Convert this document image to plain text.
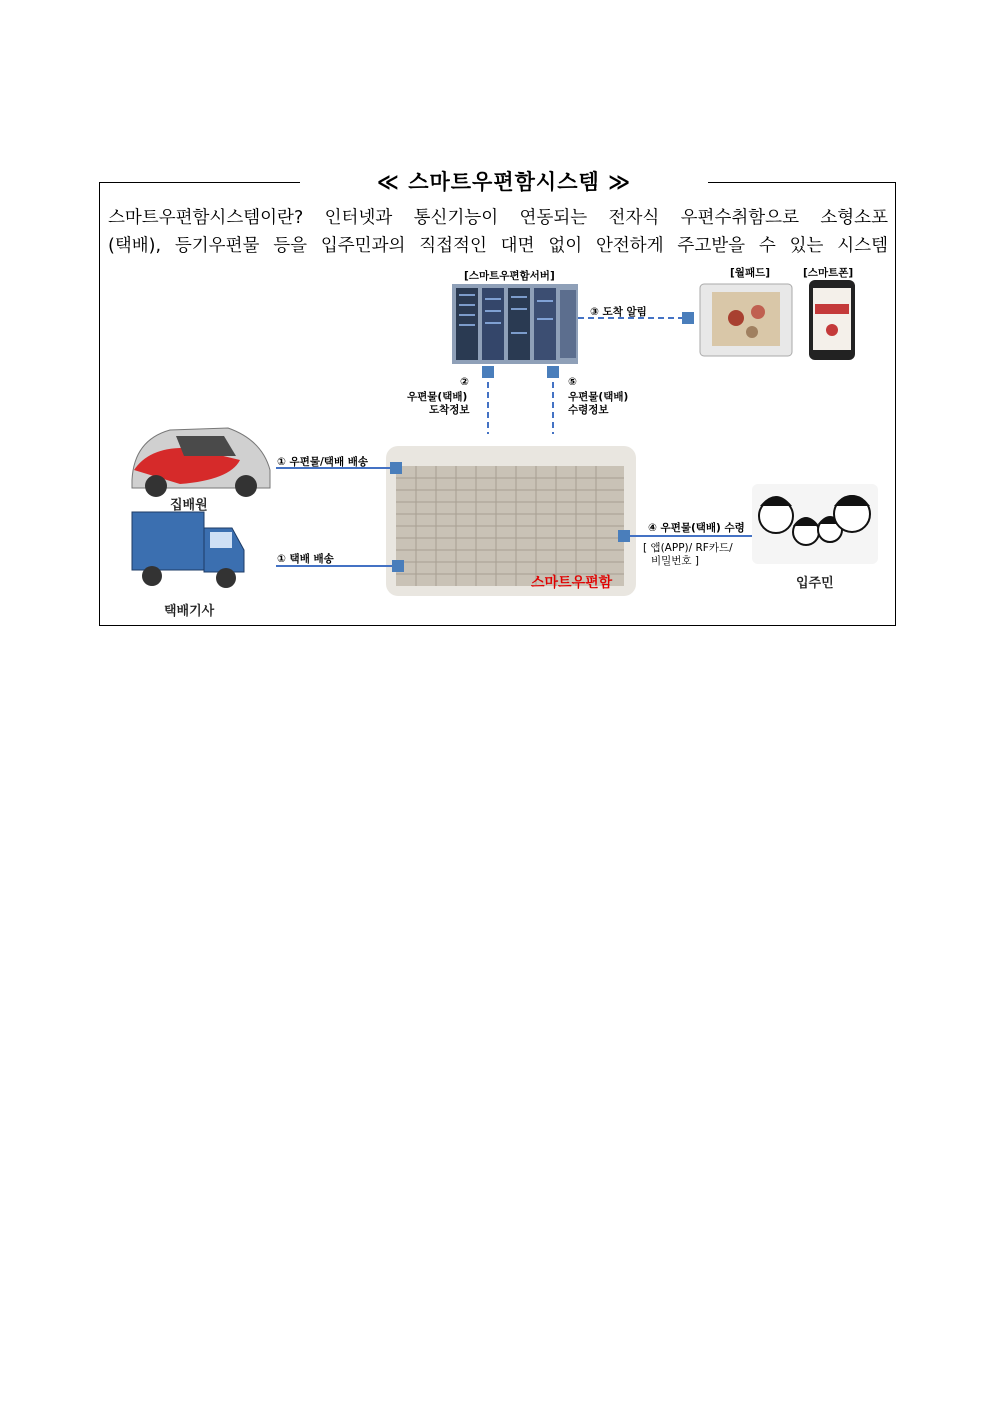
≪ 스마트우편함시스템 ≫
스마트우편함시스템이란? 인터넷과 통신기능이 연동되는 전자식 우편수취함으로 소형소포
(택배), 등기우편물 등을 입주민과의 직접적인 대면 없이 안전하게 주고받을 수 있는 시스템
[스마트우편함서버]	[월패드]	[스마트폰]
집배원
택배기사
스마트우편함	입주민
③ 도착 알림
②
우편물(택배)
도착정보
⑤
우편물(택배)
수령정보
① 우편물/택배 배송
① 택배 배송
④ 우편물(택배) 수령
[ 앱(APP)/ RF카드/
비밀번호 ]
